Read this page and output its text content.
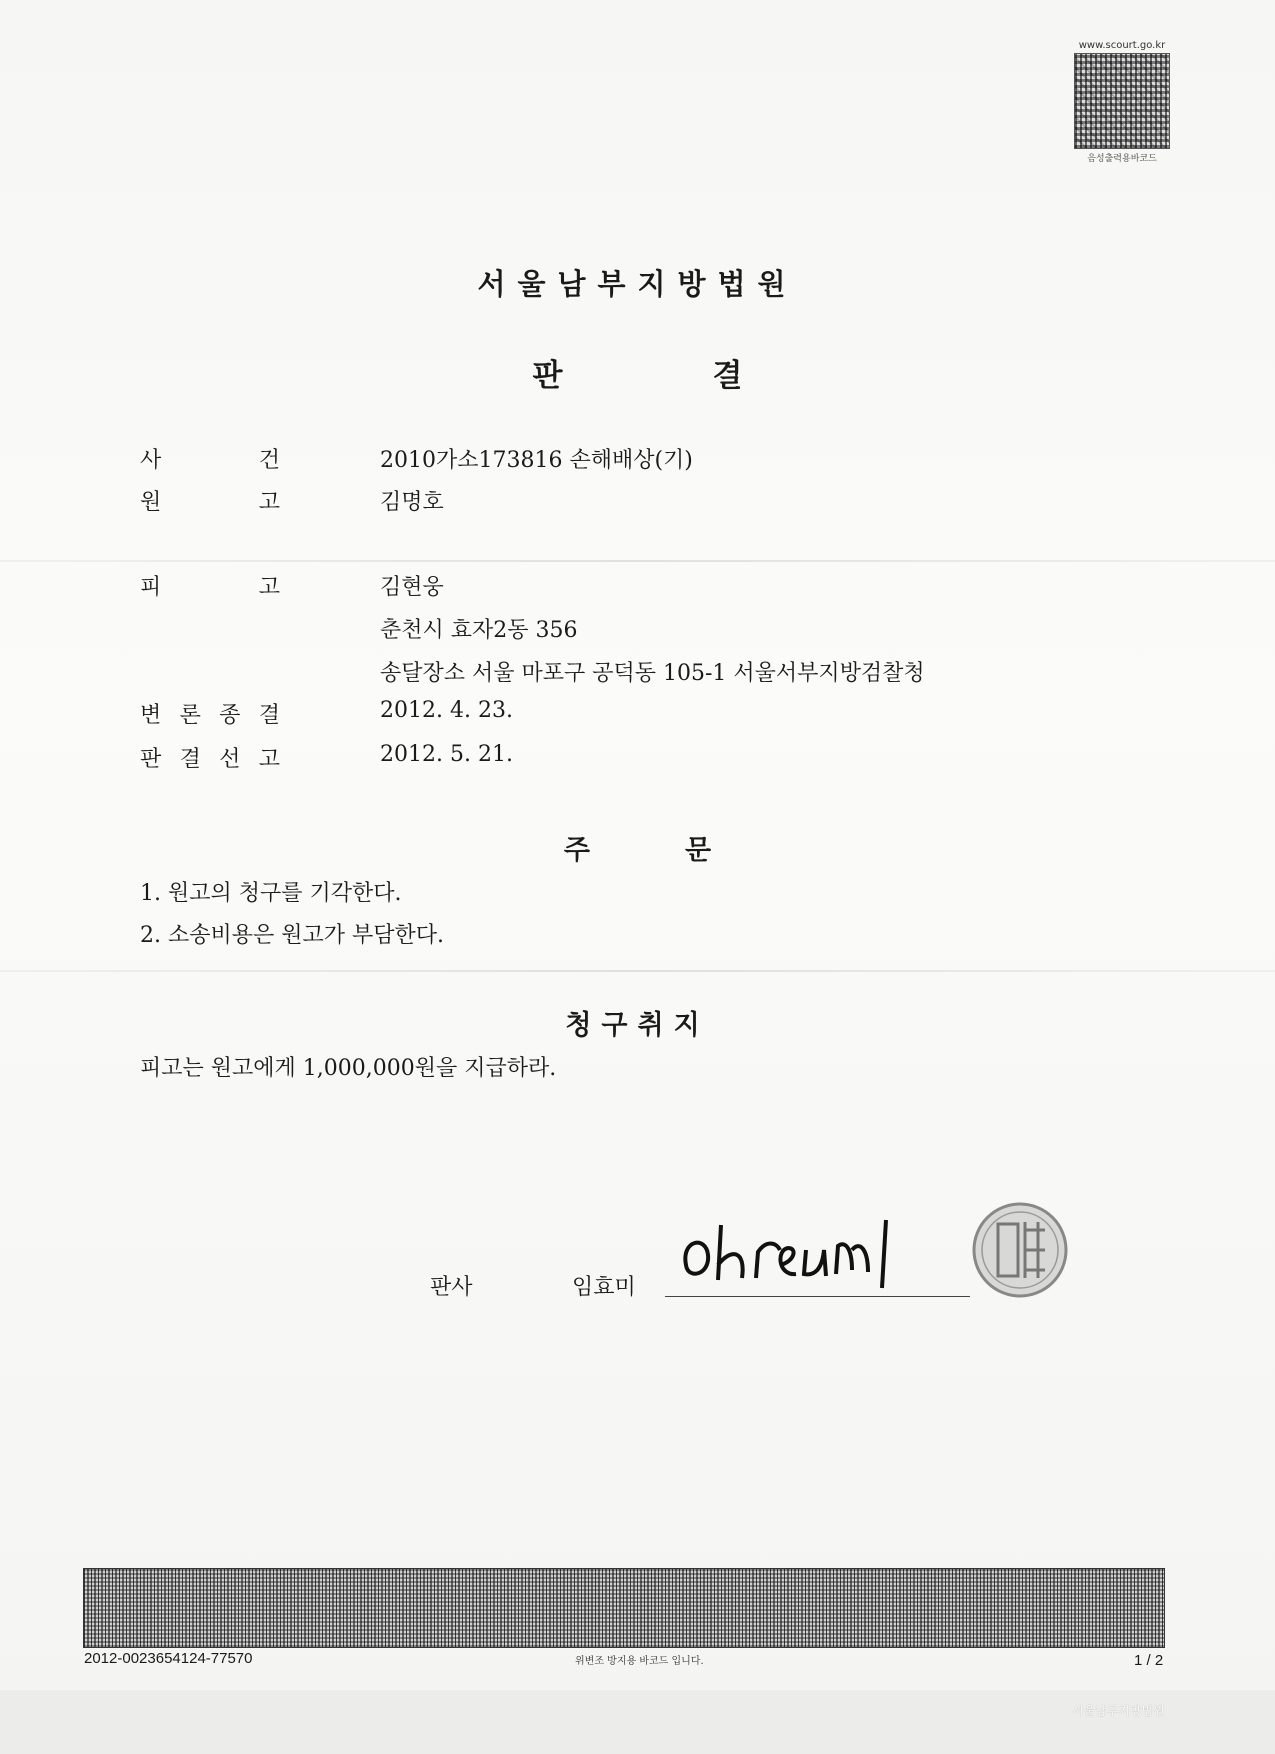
www.scourt.go.kr
음성출력용바코드
서울남부지방법원
판결
사	건	2010가소173816 손해배상(기)
원	고	김명호
피	고	김현웅
춘천시 효자2동 356
송달장소 서울 마포구 공덕동 105-1 서울서부지방검찰청
변 론 종 결	2012. 4. 23.
판 결 선 고	2012. 5. 21.
주문
1. 원고의 청구를 기각한다.
2. 소송비용은 원고가 부담한다.
청구취지
피고는 원고에게 1,000,000원을 지급하라.
판사	임효미
2012-0023654124-77570	위변조 방지용 바코드 입니다.	1 / 2
서울남부지방법원
